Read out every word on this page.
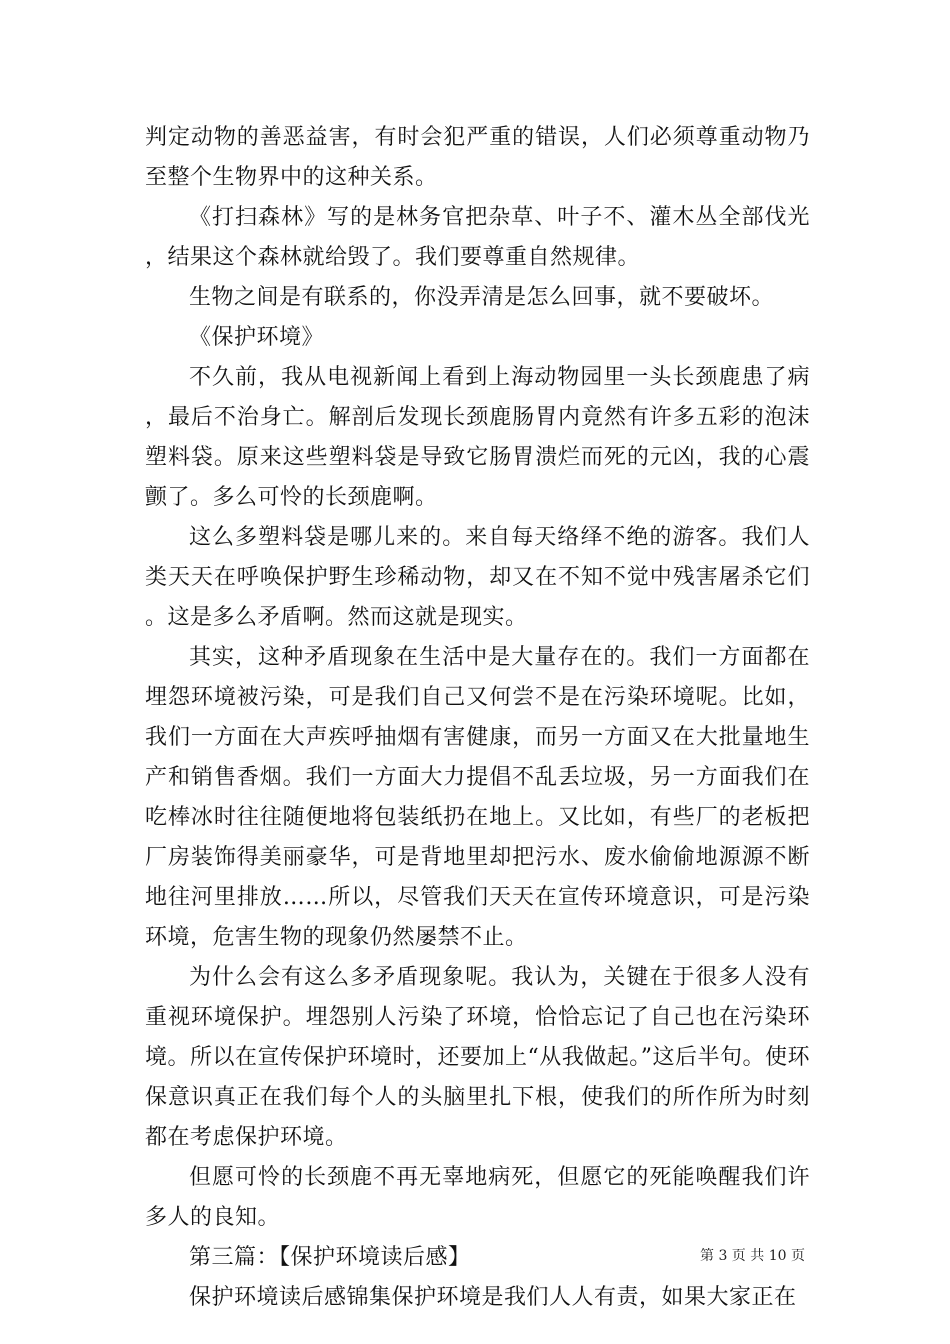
判定动物的善恶益害，有时会犯严重的错误，人们必须尊重动物乃至整个生物界中的这种关系。

《打扫森林》写的是林务官把杂草、叶子不、灌木丛全部伐光，结果这个森林就给毁了。我们要尊重自然规律。

生物之间是有联系的，你没弄清是怎么回事，就不要破坏。

《保护环境》

不久前，我从电视新闻上看到上海动物园里一头长颈鹿患了病，最后不治身亡。解剖后发现长颈鹿肠胃内竟然有许多五彩的泡沫塑料袋。原来这些塑料袋是导致它肠胃溃烂而死的元凶，我的心震颤了。多么可怜的长颈鹿啊。

这么多塑料袋是哪儿来的。来自每天络绎不绝的游客。我们人类天天在呼唤保护野生珍稀动物，却又在不知不觉中残害屠杀它们。这是多么矛盾啊。然而这就是现实。

其实，这种矛盾现象在生活中是大量存在的。我们一方面都在埋怨环境被污染，可是我们自己又何尝不是在污染环境呢。比如，我们一方面在大声疾呼抽烟有害健康，而另一方面又在大批量地生产和销售香烟。我们一方面大力提倡不乱丢垃圾，另一方面我们在吃棒冰时往往随便地将包装纸扔在地上。又比如，有些厂的老板把厂房装饰得美丽豪华，可是背地里却把污水、废水偷偷地源源不断地往河里排放……所以，尽管我们天天在宣传环境意识，可是污染环境，危害生物的现象仍然屡禁不止。

为什么会有这么多矛盾现象呢。我认为，关键在于很多人没有重视环境保护。埋怨别人污染了环境，恰恰忘记了自己也在污染环境。所以在宣传保护环境时，还要加上“从我做起。”这后半句。使环保意识真正在我们每个人的头脑里扎下根，使我们的所作所为时刻都在考虑保护环境。

但愿可怜的长颈鹿不再无辜地病死，但愿它的死能唤醒我们许多人的良知。

第三篇：【保护环境读后感】

保护环境读后感锦集保护环境是我们人人有责，如果大家正在

第 3 页 共 10 页
